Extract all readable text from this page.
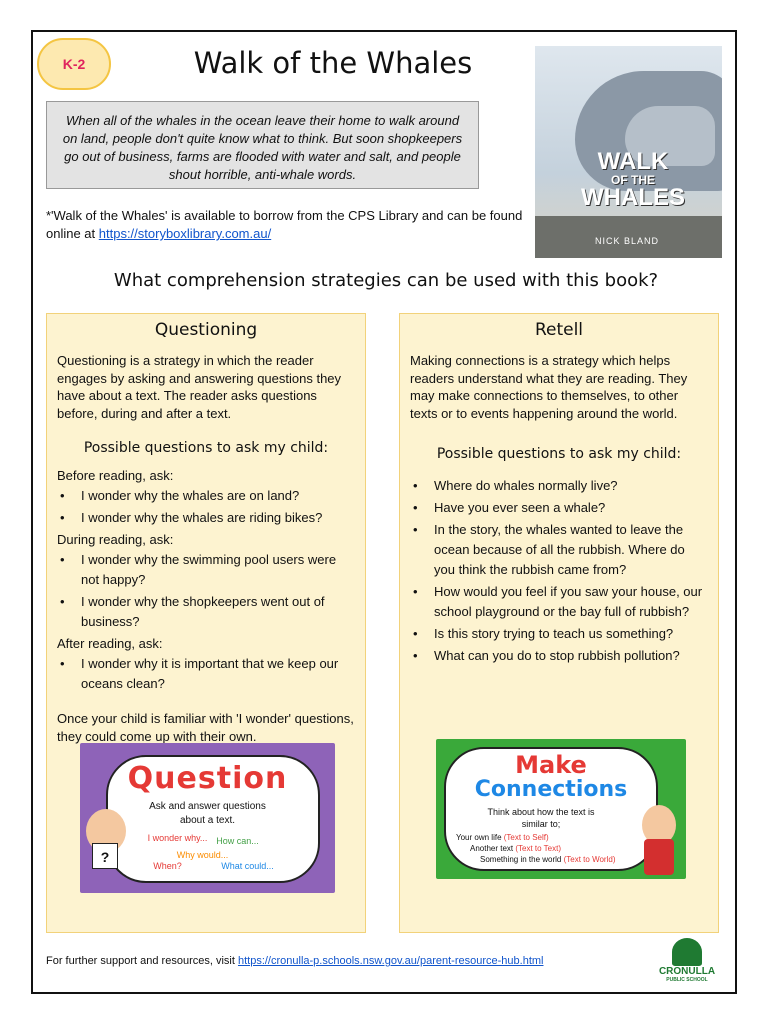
K-2	Walk of the Whales
When all of the whales in the ocean leave their home to walk around on land, people don't quite know what to think. But soon shopkeepers go out of business, farms are flooded with water and salt, and people shout horrible, anti-whale words.	WALK
OF THE
WHALES
NICK BLAND
*'Walk of the Whales' is available to borrow from the CPS Library and can be found online at https://storyboxlibrary.com.au/
What comprehension strategies can be used with this book?
Questioning

Questioning is a strategy in which the reader engages by asking and answering questions they have about a text. The reader asks questions before, during and after a text.

Possible questions to ask my child:
Before reading, ask:
• I wonder why the whales are on land?
• I wonder why the whales are riding bikes?
During reading, ask:
• I wonder why the swimming pool users were not happy?
• I wonder why the shopkeepers went out of business?
After reading, ask:
• I wonder why it is important that we keep our oceans clean?

Once your child is familiar with 'I wonder' questions, they could come up with their own.

Question
Ask and answer questions
about a text.
I wonder why... How can...
Why would...
When?	What could...
?
Retell

Making connections is a strategy which helps readers understand what they are reading. They may make connections to themselves, to other texts or to events happening around the world.

Possible questions to ask my child:
• Where do whales normally live?
• Have you ever seen a whale?
• In the story, the whales wanted to leave the ocean because of all the rubbish. Where do you think the rubbish came from?
• How would you feel if you saw your house, our school playground or the bay full of rubbish?
• Is this story trying to teach us something?
• What can you do to stop rubbish pollution?
Make
Connections
Think about how the text is
similar to;
Your own life (Text to Self)
Another text (Text to Text)
Something in the world (Text to World)
For further support and resources, visit https://cronulla-p.schools.nsw.gov.au/parent-resource-hub.html
CRONULLA
PUBLIC SCHOOL
